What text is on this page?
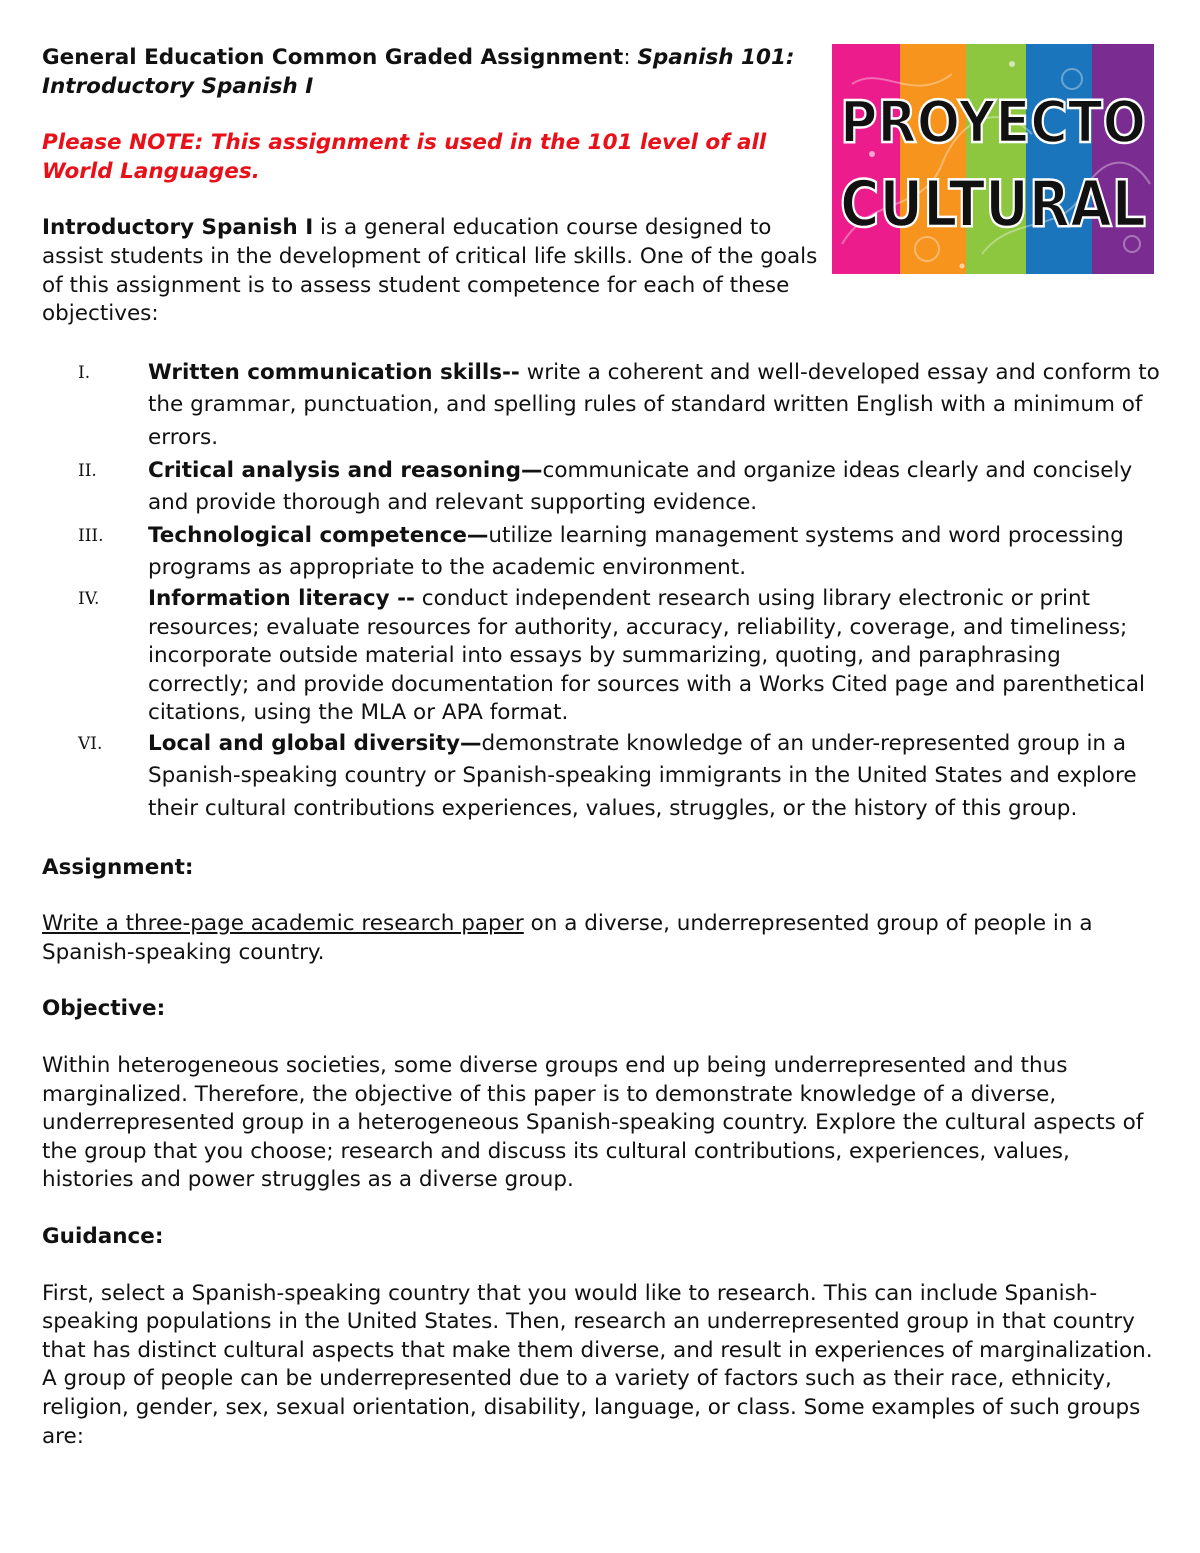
PROYECTO
CULTURAL

General Education Common Graded Assignment: Spanish 101: Introductory Spanish I

Please NOTE: This assignment is used in the 101 level of all World Languages.

Introductory Spanish I is a general education course designed to assist students in the development of critical life skills. One of the goals of this assignment is to assess student competence for each of these objectives:

I.	Written communication skills-- write a coherent and well-developed essay and conform to the grammar, punctuation, and spelling rules of standard written English with a minimum of errors.
II. Critical analysis and reasoning—communicate and organize ideas clearly and concisely and provide thorough and relevant supporting evidence.
III. Technological competence—utilize learning management systems and word processing programs as appropriate to the academic environment.
IV. Information literacy -- conduct independent research using library electronic or print resources; evaluate resources for authority, accuracy, reliability, coverage, and timeliness; incorporate outside material into essays by summarizing, quoting, and paraphrasing correctly; and provide documentation for sources with a Works Cited page and parenthetical citations, using the MLA or APA format.
VI. Local and global diversity—demonstrate knowledge of an under-represented group in a Spanish-speaking country or Spanish-speaking immigrants in the United States and explore their cultural contributions experiences, values, struggles, or the history of this group.

Assignment:

Write a three-page academic research paper on a diverse, underrepresented group of people in a Spanish-speaking country.

Objective:

Within heterogeneous societies, some diverse groups end up being underrepresented and thus marginalized. Therefore, the objective of this paper is to demonstrate knowledge of a diverse, underrepresented group in a heterogeneous Spanish-speaking country. Explore the cultural aspects of the group that you choose; research and discuss its cultural contributions, experiences, values, histories and power struggles as a diverse group.

Guidance:

First, select a Spanish-speaking country that you would like to research. This can include Spanish-speaking populations in the United States. Then, research an underrepresented group in that country that has distinct cultural aspects that make them diverse, and result in experiences of marginalization. A group of people can be underrepresented due to a variety of factors such as their race, ethnicity, religion, gender, sex, sexual orientation, disability, language, or class. Some examples of such groups are:
